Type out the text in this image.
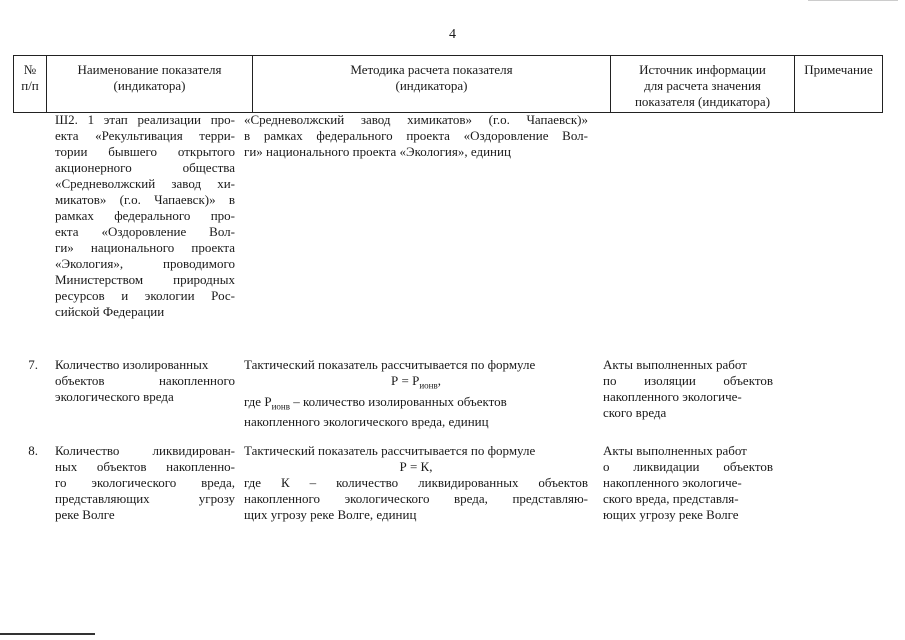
4
№
п/п
Наименование показателя
(индикатора)
Методика расчета показателя
(индикатора)
Источник информации
для расчета значения
показателя (индикатора)
Примечание
Ш2. 1 этап реализации про-
екта «Рекультивация терри-
тории бывшего открытого
акционерного общества
«Средневолжский завод хи-
микатов» (г.о. Чапаевск)» в
рамках федерального про-
екта «Оздоровление Вол-
ги» национального проекта
«Экология», проводимого
Министерством природных
ресурсов и экологии Рос-
сийской Федерации
«Средневолжский завод химикатов» (г.о. Чапаевск)»
в рамках федерального проекта «Оздоровление Вол-
ги» национального проекта «Экология», единиц
7. Количество изолированных
объектов накопленного
экологического вреда
Тактический показатель рассчитывается по формуле
$Р = Р_{ионв}$,
где $Р_{ионв}$ – количество изолированных объектов
накопленного экологического вреда, единиц
Акты выполненных работ
по изоляции объектов
накопленного экологиче-
ского вреда
8. Количество ликвидирован-
ных объектов накопленно-
го экологического вреда,
представляющих угрозу
реке Волге
Тактический показатель рассчитывается по формуле
Р = К,
где К – количество ликвидированных объектов
накопленного экологического вреда, представляю-
щих угрозу реке Волге, единиц
Акты выполненных работ
о ликвидации объектов
накопленного экологиче-
ского вреда, представля-
ющих угрозу реке Волге
